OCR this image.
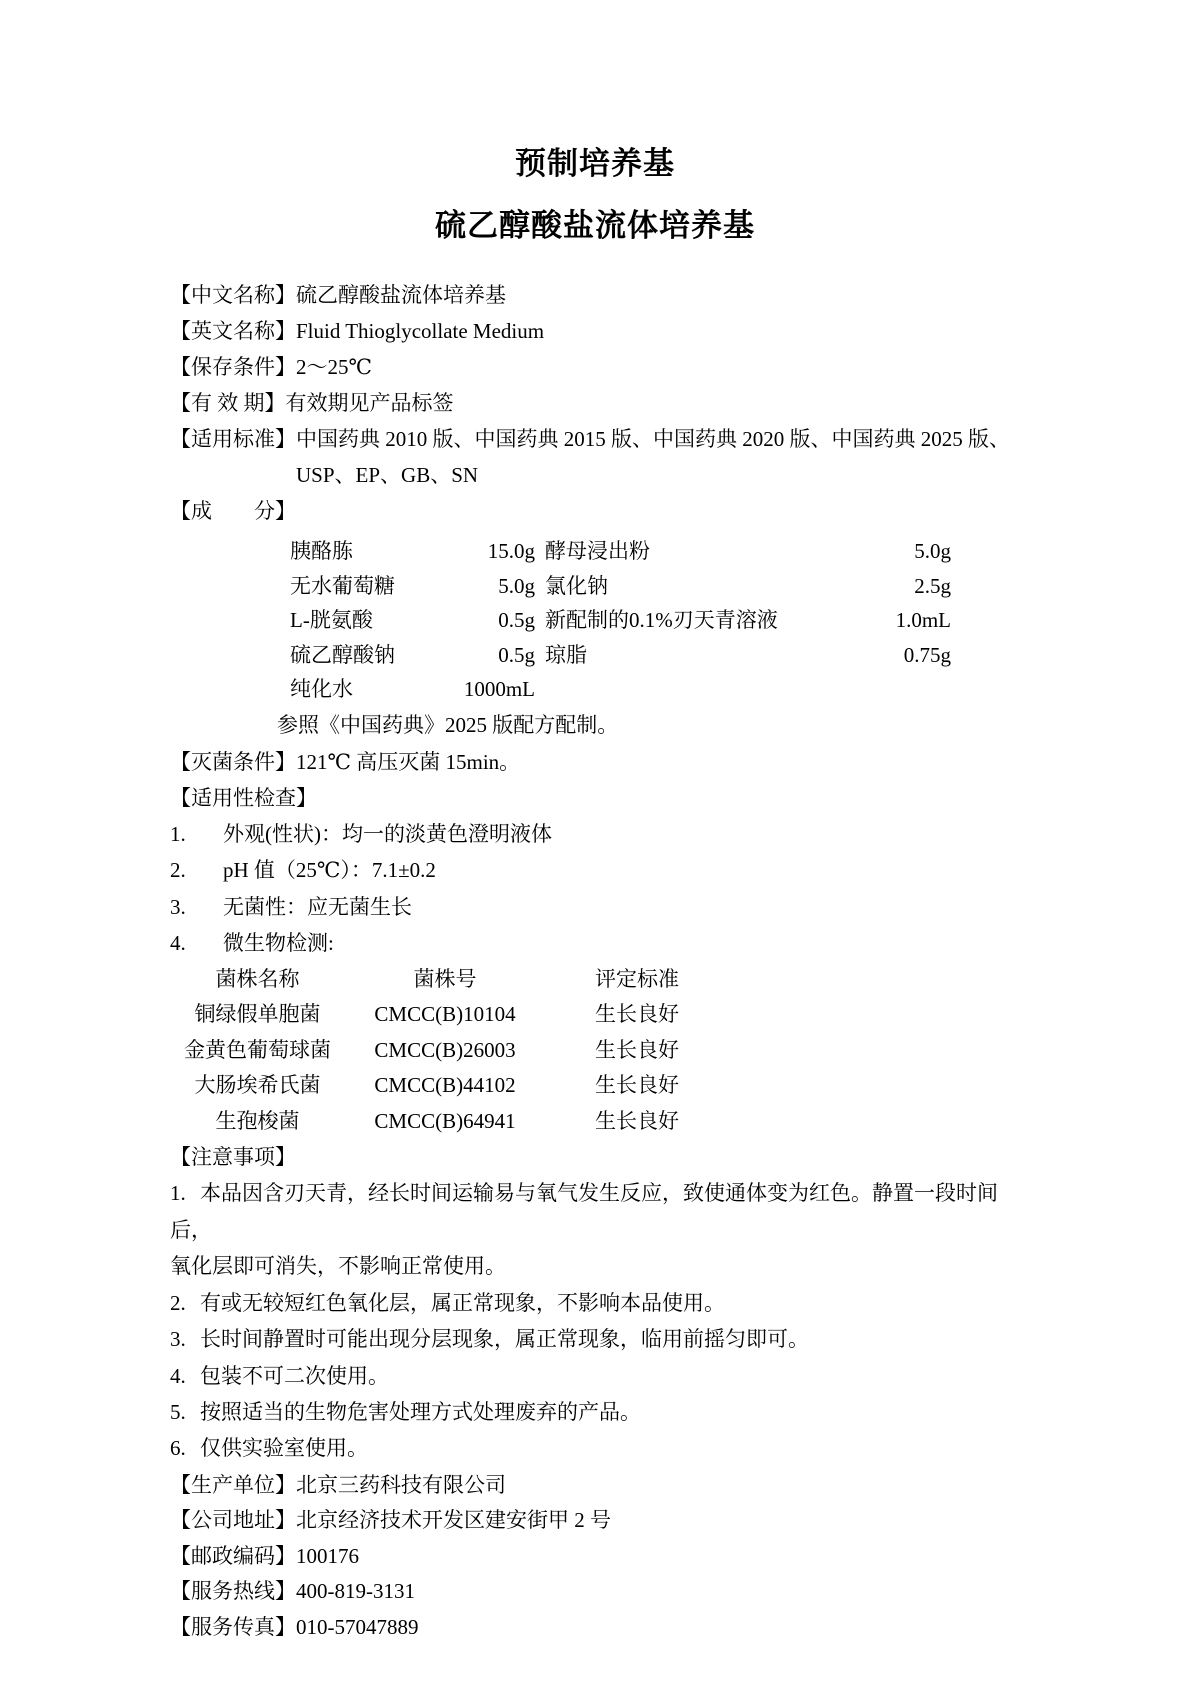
预制培养基

硫乙醇酸盐流体培养基

【中文名称】硫乙醇酸盐流体培养基

【英文名称】Fluid Thioglycollate Medium

【保存条件】2～25℃

【有 效 期】有效期见产品标签

【适用标准】中国药典 2010 版、中国药典 2015 版、中国药典 2020 版、中国药典 2025 版、

USP、EP、GB、SN

【成　　分】

胰酪胨	15.0g 酵母浸出粉	5.0g
无水葡萄糖	5.0g 氯化钠	2.5g
L-胱氨酸	0.5g 新配制的0.1%刃天青溶液	1.0mL
硫乙醇酸钠	0.5g 琼脂	0.75g
纯化水	1000mL

参照《中国药典》2025 版配方配制。

【灭菌条件】121℃ 高压灭菌 15min。

【适用性检查】

1. 外观(性状)：均一的淡黄色澄明液体

2. pH 值（25℃）：7.1±0.2

3. 无菌性：应无菌生长

4. 微生物检测:

菌株名称	菌株号	评定标准

铜绿假单胞菌	CMCC(B)10104	生长良好

金黄色葡萄球菌 CMCC(B)26003	生长良好

大肠埃希氏菌	CMCC(B)44102	生长良好

生孢梭菌	CMCC(B)64941	生长良好

【注意事项】

1. 本品因含刃天青，经长时间运输易与氧气发生反应，致使通体变为红色。静置一段时间后，

氧化层即可消失，不影响正常使用。

2. 有或无较短红色氧化层，属正常现象，不影响本品使用。

3. 长时间静置时可能出现分层现象，属正常现象，临用前摇匀即可。

4. 包装不可二次使用。

5. 按照适当的生物危害处理方式处理废弃的产品。

6. 仅供实验室使用。

【生产单位】北京三药科技有限公司

【公司地址】北京经济技术开发区建安街甲 2 号

【邮政编码】100176

【服务热线】400-819-3131

【服务传真】010-57047889
